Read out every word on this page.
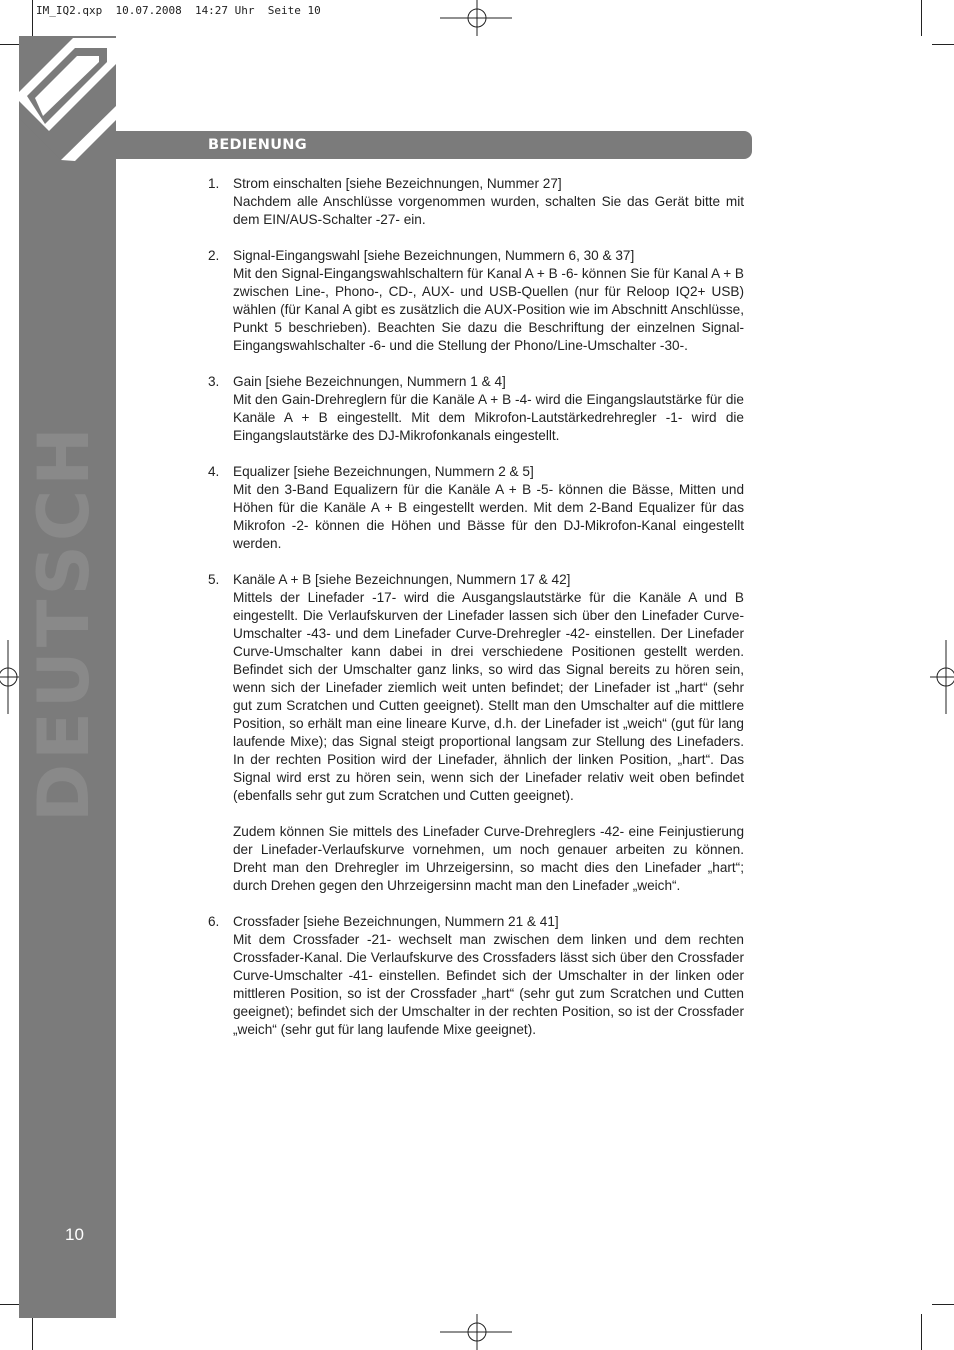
IM_IQ2.qxp  10.07.2008  14:27 Uhr  Seite 10
DEUTSCH
10
BEDIENUNG
1.	Strom einschalten [siehe Bezeichnungen, Nummer 27]

Nachdem alle Anschlüsse vorgenommen wurden, schalten Sie das Gerät bitte mit dem EIN/AUS-Schalter -27- ein.

2.	Signal-Eingangswahl [siehe Bezeichnungen, Nummern 6, 30 & 37]

Mit den Signal-Eingangswahlschaltern für Kanal A + B -6- können Sie für Kanal A + B zwischen Line-, Phono-, CD-, AUX- und USB-Quellen (nur für Reloop IQ2+ USB) wählen (für Kanal A gibt es zusätzlich die AUX-Position wie im Abschnitt Anschlüsse, Punkt 5 beschrieben). Beachten Sie dazu die Beschriftung der einzelnen Signal-Eingangswahlschalter -6- und die Stellung der Phono/Line-Umschalter -30-.

3.	Gain [siehe Bezeichnungen, Nummern 1 & 4]

Mit den Gain-Drehreglern für die Kanäle A + B -4- wird die Eingangslautstärke für die Kanäle A + B eingestellt. Mit dem Mikrofon-Lautstärkedrehregler -1- wird die Eingangslautstärke des DJ-Mikrofonkanals eingestellt.

4.	Equalizer [siehe Bezeichnungen, Nummern 2 & 5]

Mit den 3-Band Equalizern für die Kanäle A + B -5- können die Bässe, Mitten und Höhen für die Kanäle A + B eingestellt werden. Mit dem 2-Band Equalizer für das Mikrofon -2- können die Höhen und Bässe für den DJ-Mikrofon-Kanal eingestellt werden.

5.	Kanäle A + B [siehe Bezeichnungen, Nummern 17 & 42]

Mittels der Linefader -17- wird die Ausgangslautstärke für die Kanäle A und B eingestellt. Die Verlaufskurven der Linefader lassen sich über den Linefader Curve-Umschalter -43- und dem Linefader Curve-Drehregler -42- einstellen. Der Linefader Curve-Umschalter kann dabei in drei verschiedene Positionen gestellt werden. Befindet sich der Umschalter ganz links, so wird das Signal bereits zu hören sein, wenn sich der Linefader ziemlich weit unten befindet; der Linefader ist „hart“ (sehr gut zum Scratchen und Cutten geeignet). Stellt man den Umschalter auf die mittlere Position, so erhält man eine lineare Kurve, d.h. der Linefader ist „weich“ (gut für lang laufende Mixe); das Signal steigt proportional langsam zur Stellung des Linefaders. In der rechten Position wird der Linefader, ähnlich der linken Position, „hart“. Das Signal wird erst zu hören sein, wenn sich der Linefader relativ weit oben befindet (ebenfalls sehr gut zum Scratchen und Cutten geeignet).

Zudem können Sie mittels des Linefader Curve-Drehreglers -42- eine Feinjustierung der Linefader-Verlaufskurve vornehmen, um noch genauer arbeiten zu können. Dreht man den Drehregler im Uhrzeigersinn, so macht dies den Linefader „hart“; durch Drehen gegen den Uhrzeigersinn macht man den Linefader „weich“.

6.	Crossfader [siehe Bezeichnungen, Nummern 21 & 41]

Mit dem Crossfader -21- wechselt man zwischen dem linken und dem rechten Crossfader-Kanal. Die Verlaufskurve des Crossfaders lässt sich über den Crossfader Curve-Umschalter -41- einstellen. Befindet sich der Umschalter in der linken oder mittleren Position, so ist der Crossfader „hart“ (sehr gut zum Scratchen und Cutten geeignet); befindet sich der Umschalter in der rechten Position, so ist der Crossfader „weich“ (sehr gut für lang laufende Mixe geeignet).
